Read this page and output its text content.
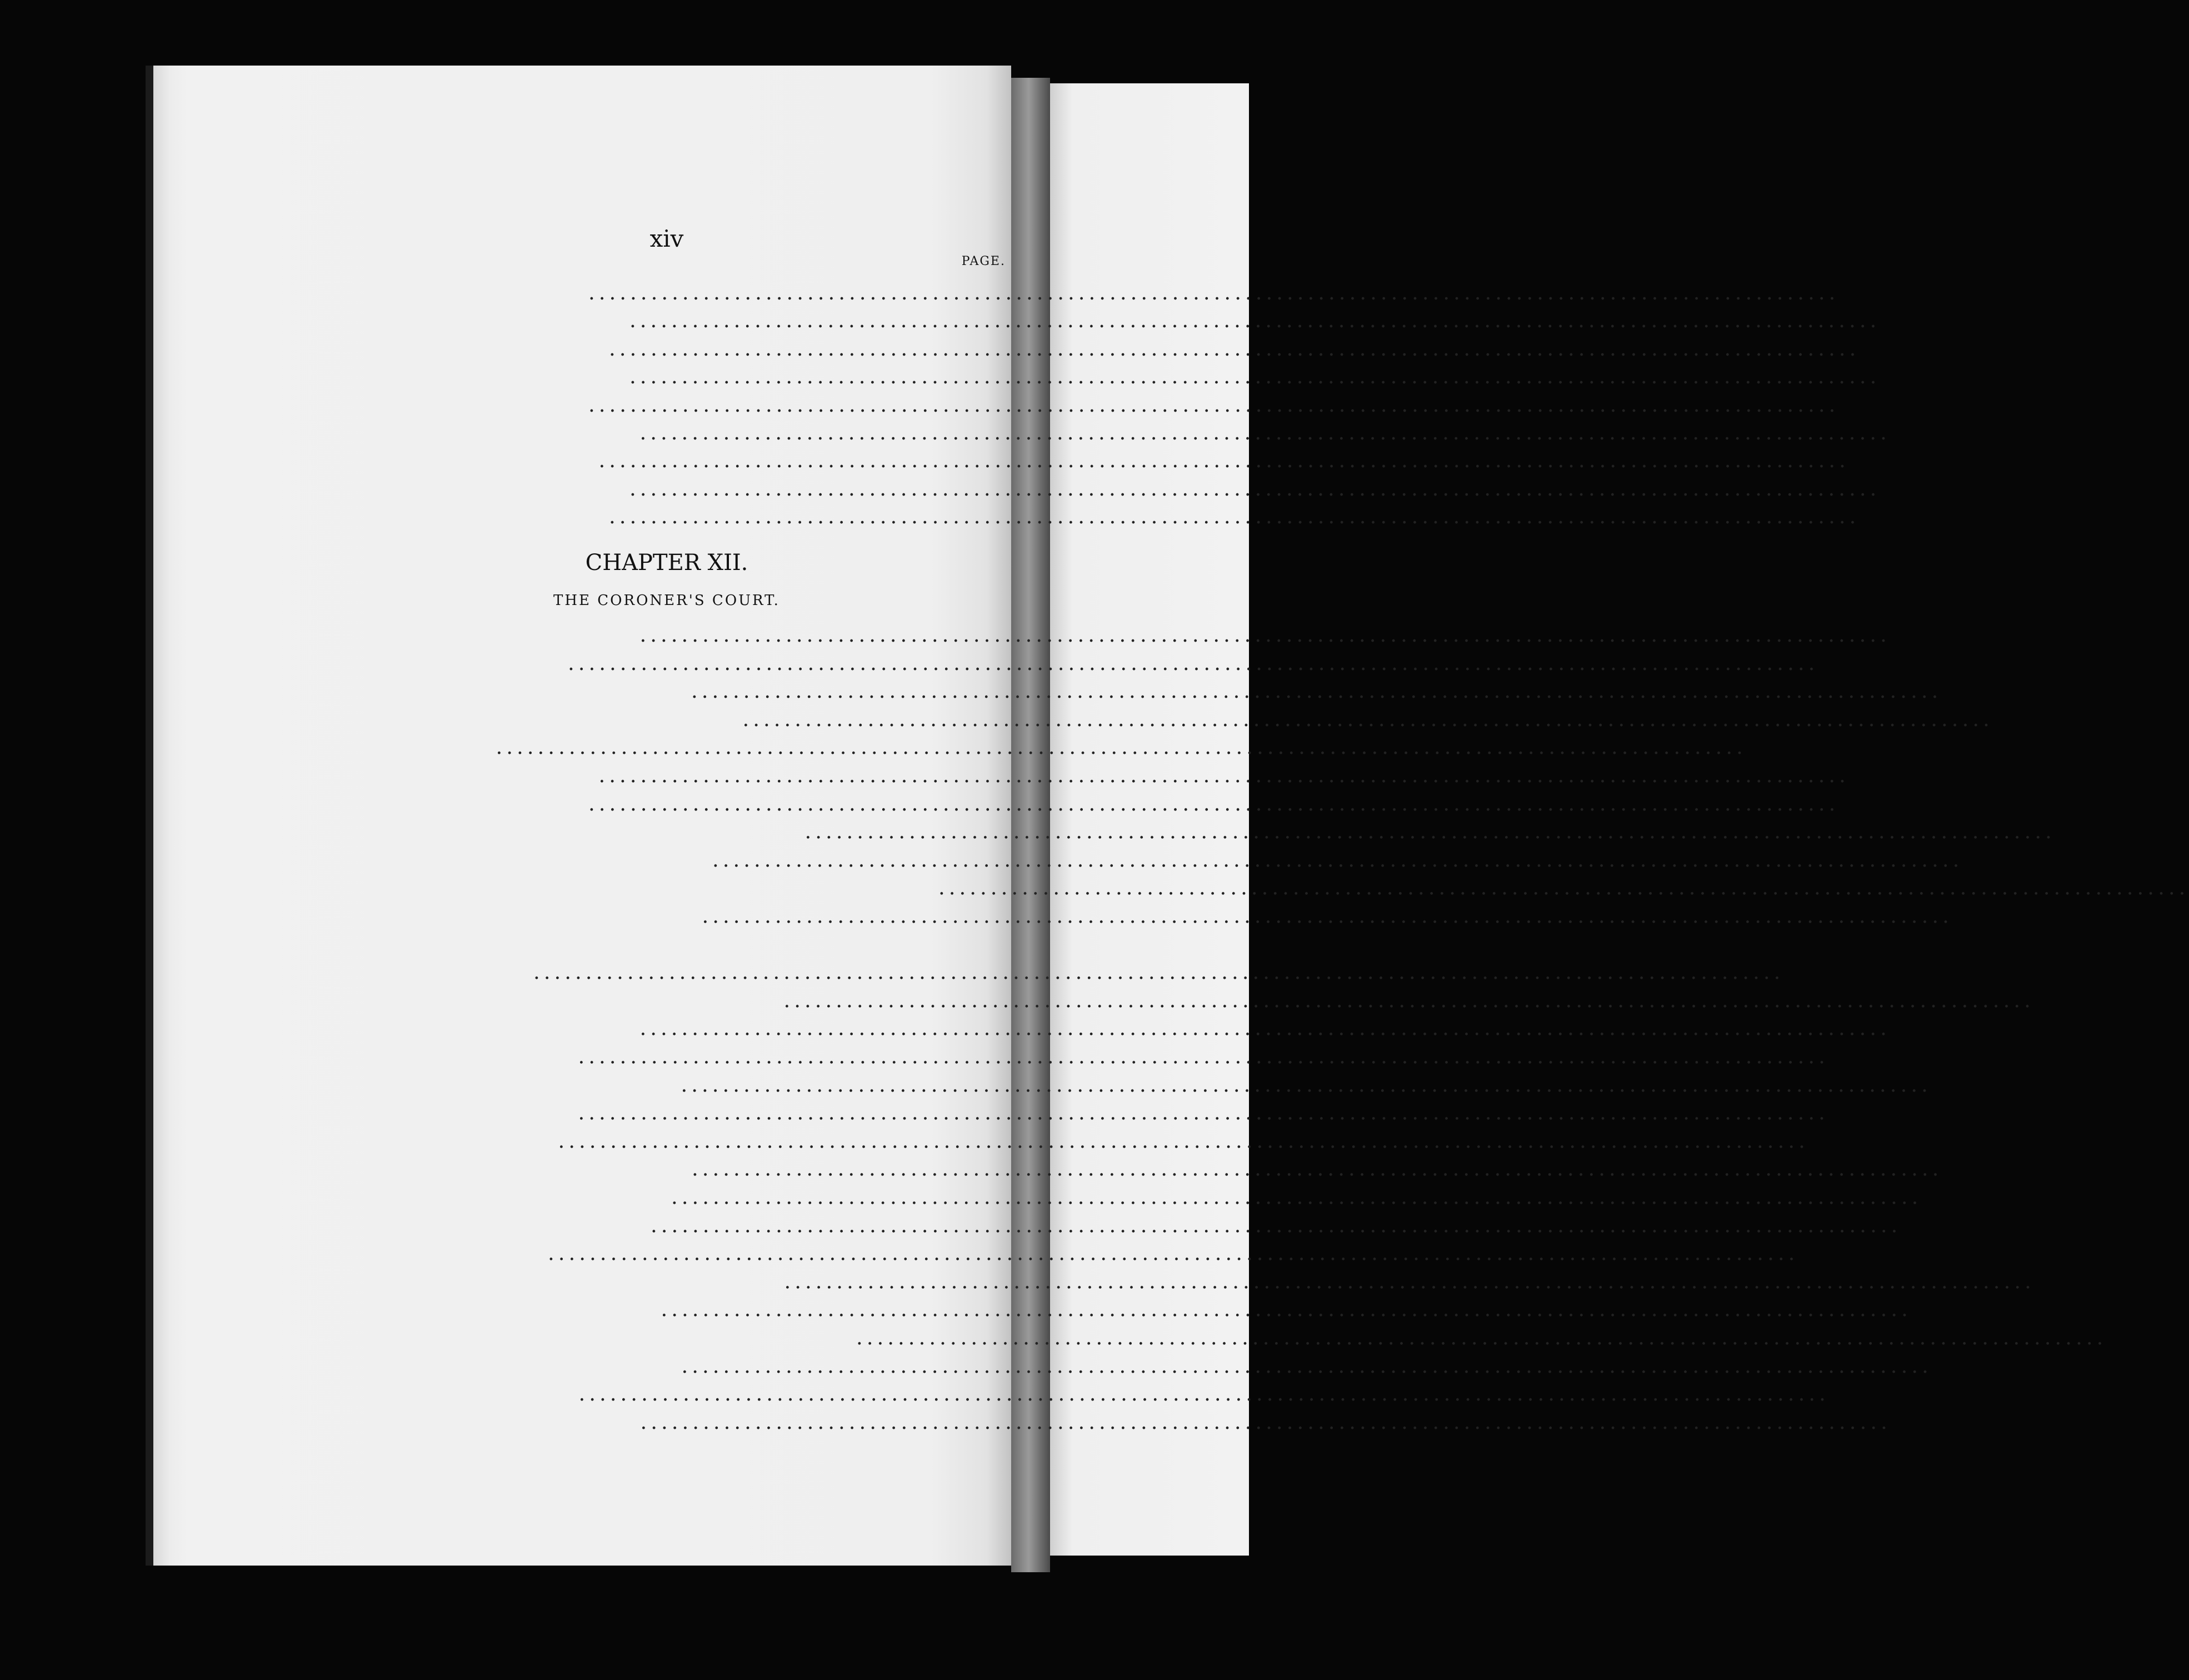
xiv
PAGE.
CHAPTER XII.
THE CORONER'S COURT.
........................................................................................................................
........................................................................................................................
........................................................................................................................
........................................................................................................................
........................................................................................................................
........................................................................................................................
........................................................................................................................
........................................................................................................................
........................................................................................................................
........................................................................................................................
........................................................................................................................
........................................................................................................................
........................................................................................................................
........................................................................................................................
........................................................................................................................
........................................................................................................................
........................................................................................................................
........................................................................................................................
........................................................................................................................
........................................................................................................................
........................................................................................................................
........................................................................................................................
........................................................................................................................
........................................................................................................................
........................................................................................................................
........................................................................................................................
........................................................................................................................
........................................................................................................................
........................................................................................................................
........................................................................................................................
........................................................................................................................
........................................................................................................................
........................................................................................................................
........................................................................................................................
........................................................................................................................
........................................................................................................................
........................................................................................................................
